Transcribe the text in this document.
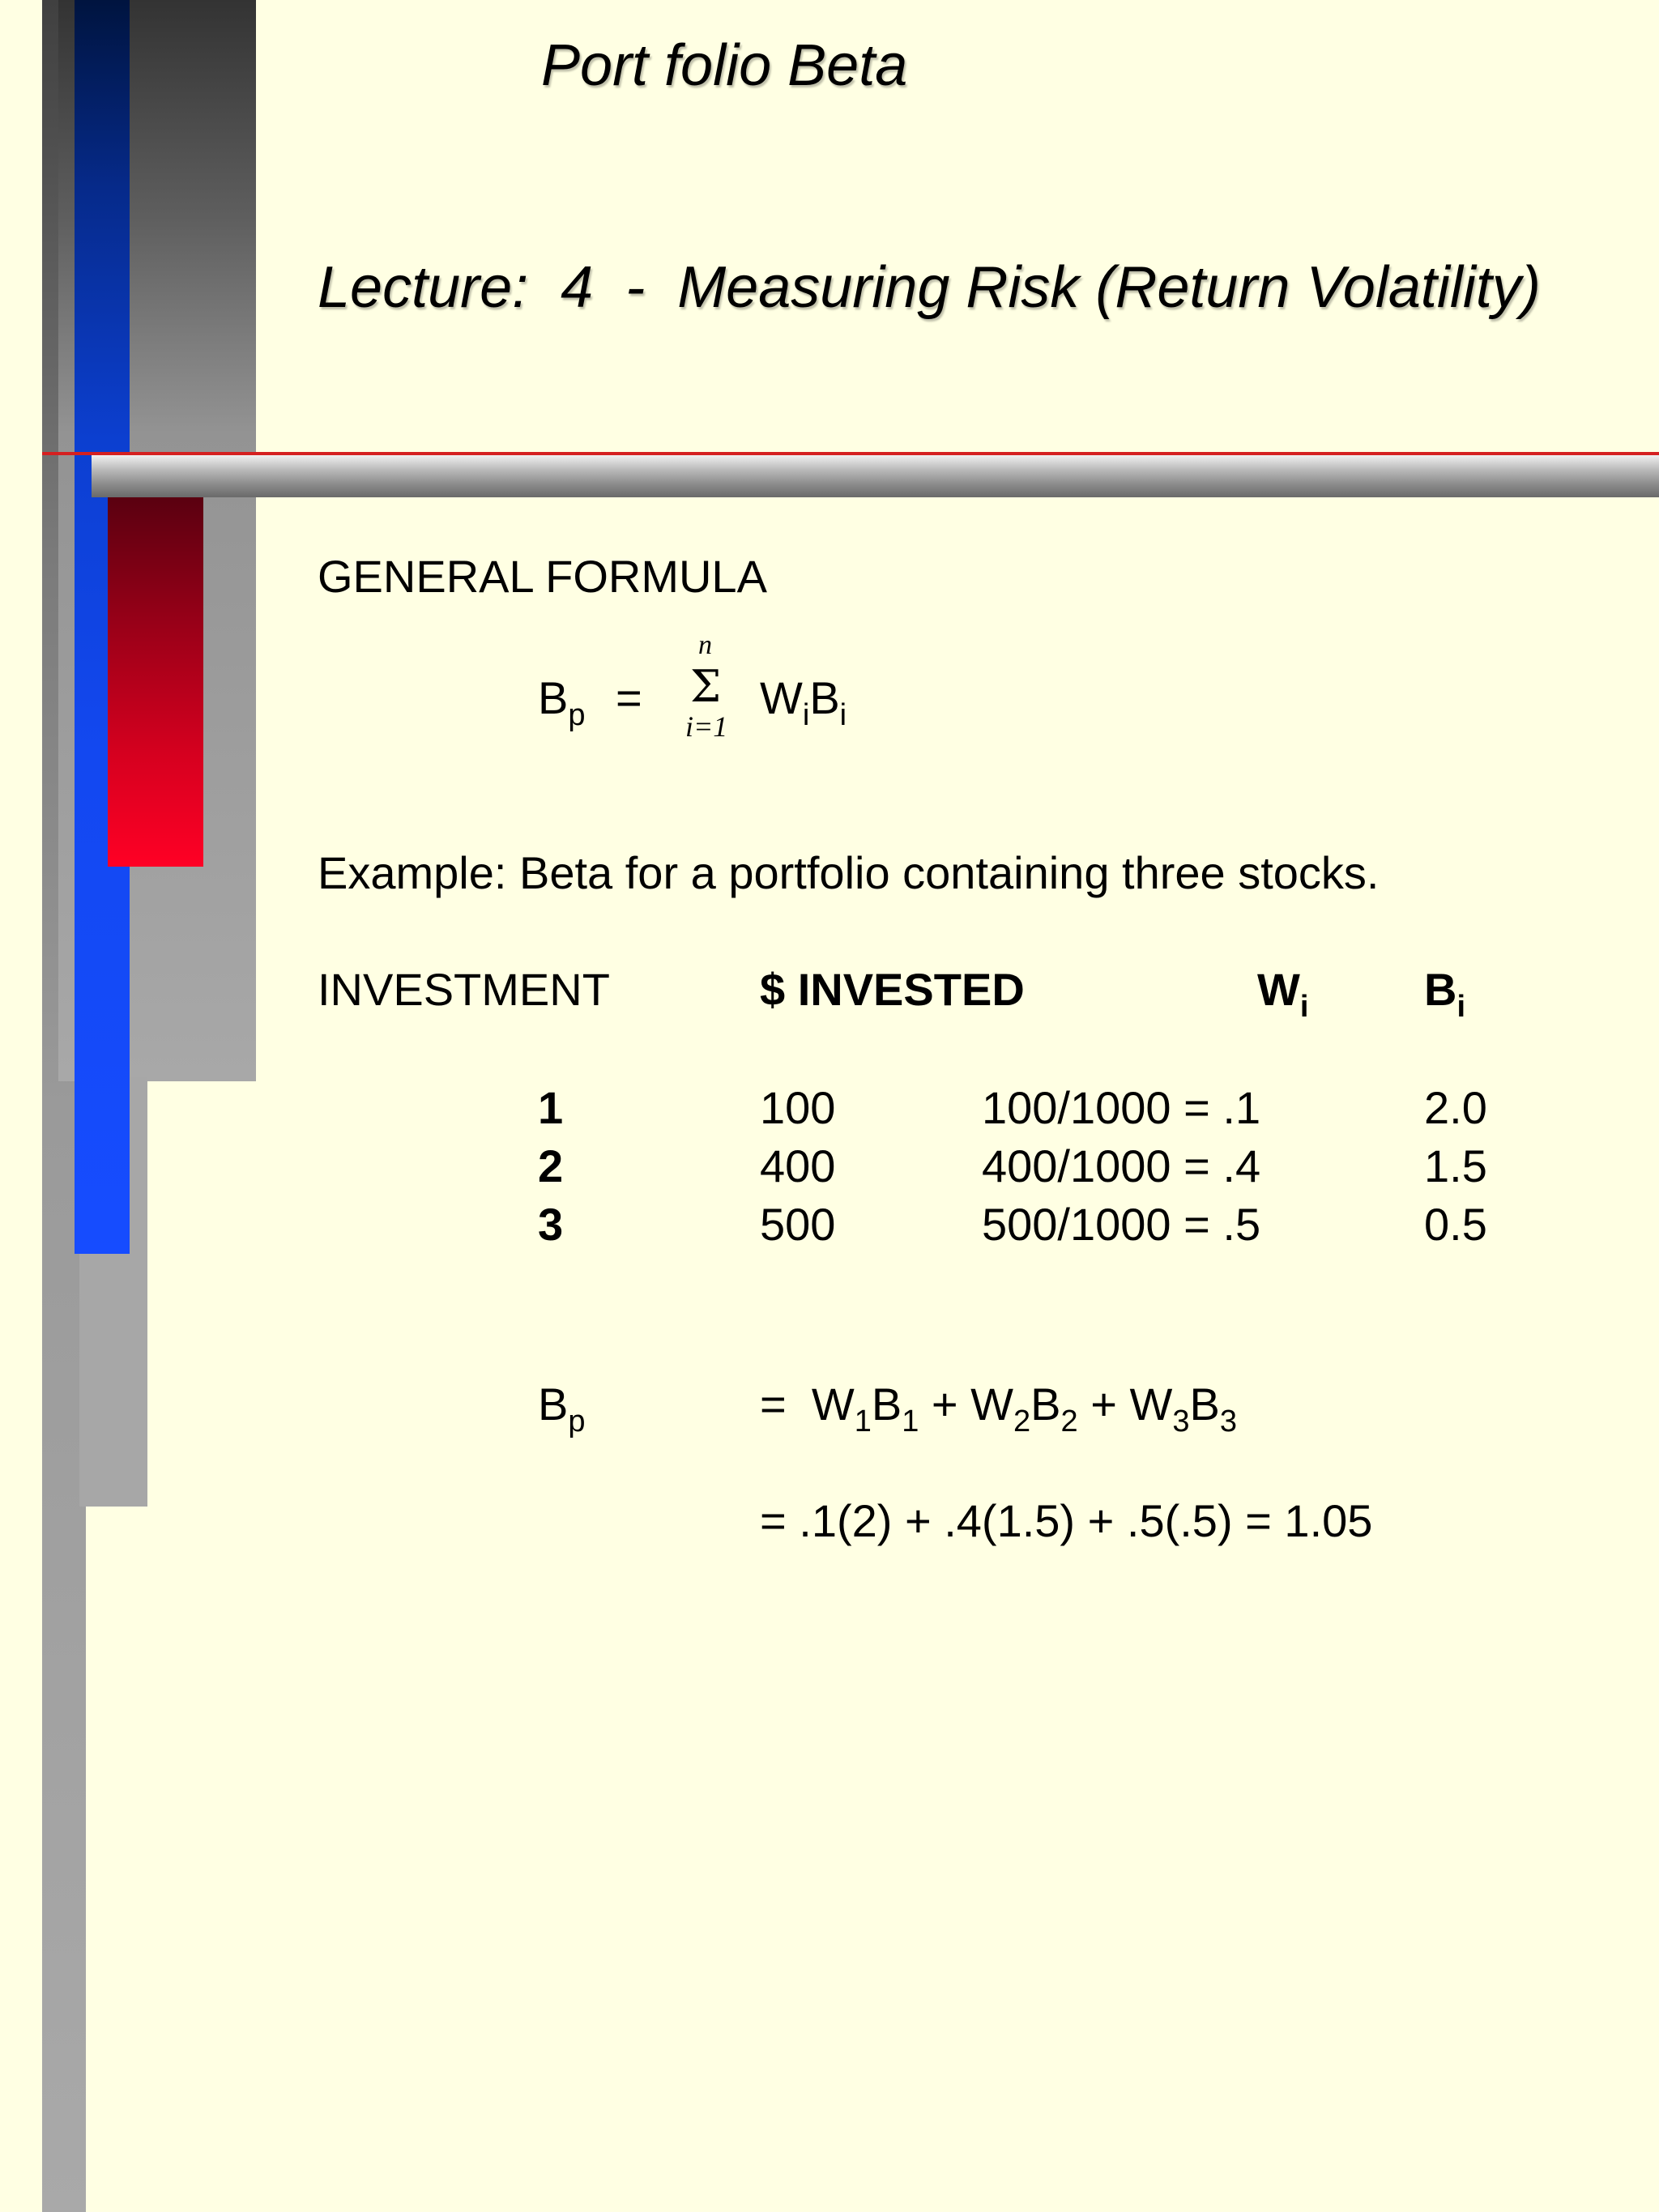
Port folio Beta
Lecture:  4  -  Measuring Risk (Return Volatility)
GENERAL FORMULA
$B_p$ =
n
Σ
i=1
$W_iB_i$
Example: Beta for a portfolio containing three stocks.
INVESTMENT	$ INVESTED	$W_i$	$B_i$
1	100	100/1000 = .1	2.0
2	400	400/1000 = .4	1.5
3	500	500/1000 = .5	0.5
$B_p$	=  $W_1B_1 + W_2B_2 + W_3B_3$
= .1(2) + .4(1.5) + .5(.5) = 1.05
